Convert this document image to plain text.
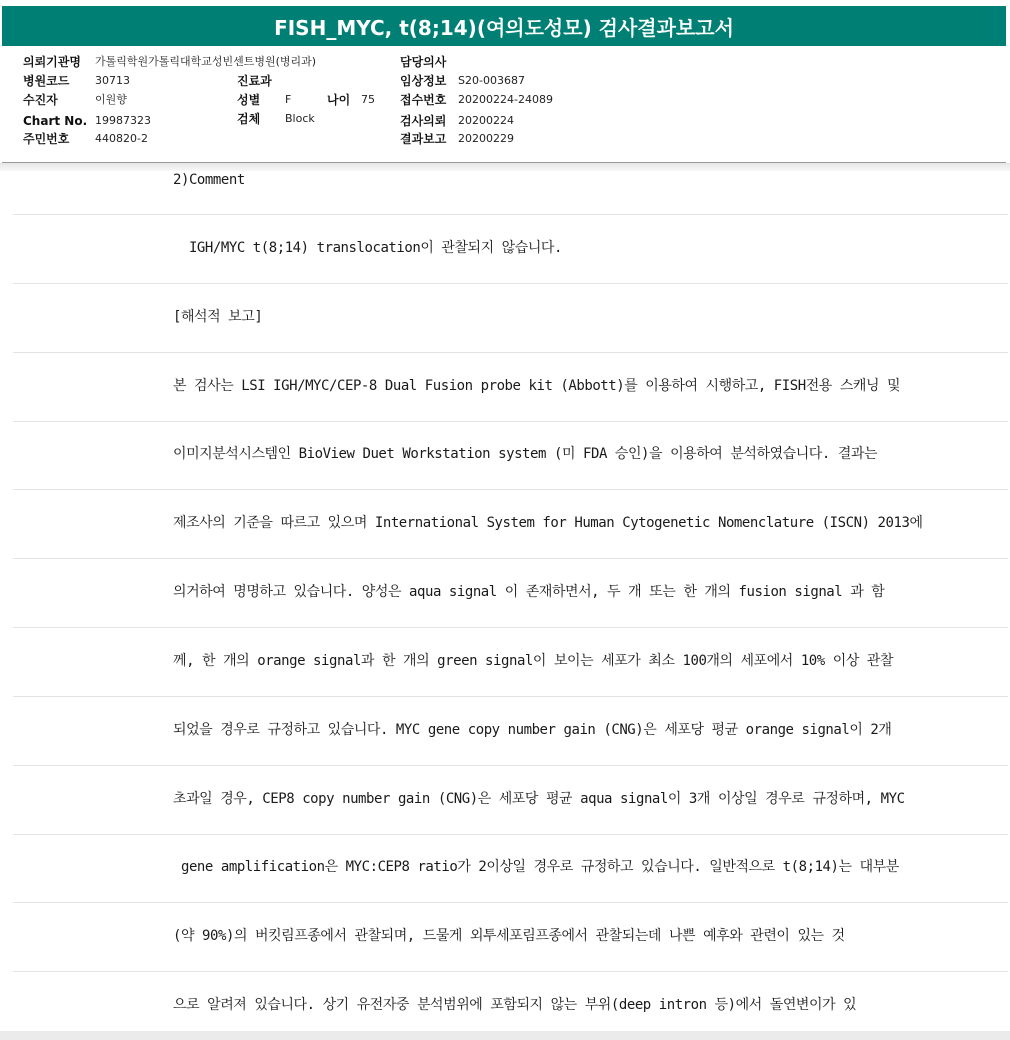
FISH_MYC, t(8;14)(여의도성모) 검사결과보고서
의뢰기관명 가톨릭학원가톨릭대학교성빈센트병원(병리과)
병원코드 30713
수진자	이원향
Chart No. 19987323
주민번호 440820-2
진료과
성별 F	나이 75
검체 Block
담당의사
임상정보 S20-003687
접수번호 20200224-24089
검사의뢰 20200224
결과보고 20200229
2)Comment
IGH/MYC t(8;14) translocation이 관찰되지 않습니다.
[해석적 보고]
본 검사는 LSI IGH/MYC/CEP-8 Dual Fusion probe kit (Abbott)를 이용하여 시행하고, FISH전용 스캐닝 및
이미지분석시스템인 BioView Duet Workstation system (미 FDA 승인)을 이용하여 분석하였습니다. 결과는
제조사의 기준을 따르고 있으며 International System for Human Cytogenetic Nomenclature (ISCN) 2013에
의거하여 명명하고 있습니다. 양성은 aqua signal 이 존재하면서, 두 개 또는 한 개의 fusion signal 과 함
께, 한 개의 orange signal과 한 개의 green signal이 보이는 세포가 최소 100개의 세포에서 10% 이상 관찰
되었을 경우로 규정하고 있습니다. MYC gene copy number gain (CNG)은 세포당 평균 orange signal이 2개
초과일 경우, CEP8 copy number gain (CNG)은 세포당 평균 aqua signal이 3개 이상일 경우로 규정하며, MYC
gene amplification은 MYC:CEP8 ratio가 2이상일 경우로 규정하고 있습니다. 일반적으로 t(8;14)는 대부분
(약 90%)의 버킷림프종에서 관찰되며, 드물게 외투세포림프종에서 관찰되는데 나쁜 예후와 관련이 있는 것
으로 알려져 있습니다. 상기 유전자중 분석범위에 포함되지 않는 부위(deep intron 등)에서 돌연변이가 있
